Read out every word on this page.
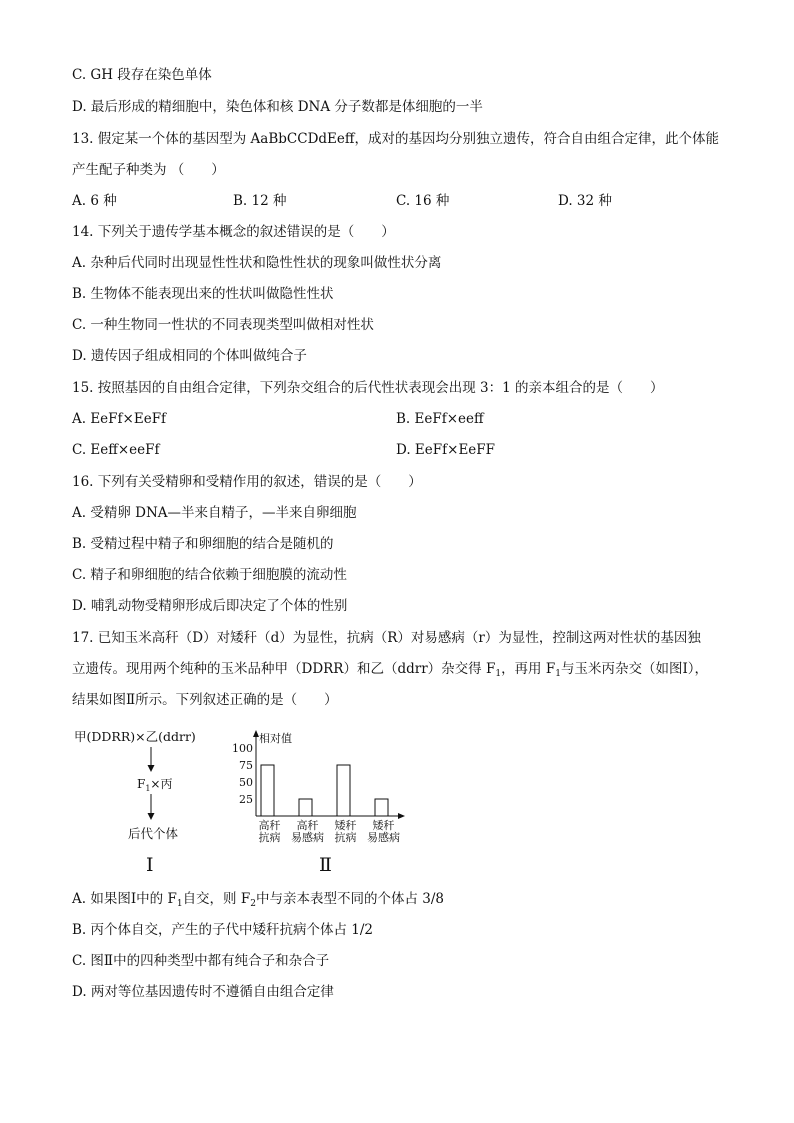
C. GH 段存在染色单体
D. 最后形成的精细胞中，染色体和核 DNA 分子数都是体细胞的一半
13. 假定某一个体的基因型为 AaBbCCDdEeff，成对的基因均分别独立遗传，符合自由组合定律，此个体能
产生配子种类为 （　　）
A. 6 种	B. 12 种	C. 16 种	D. 32 种
14. 下列关于遗传学基本概念的叙述错误的是（　　）
A. 杂种后代同时出现显性性状和隐性性状的现象叫做性状分离
B. 生物体不能表现出来的性状叫做隐性性状
C. 一种生物同一性状的不同表现类型叫做相对性状
D. 遗传因子组成相同的个体叫做纯合子
15. 按照基因的自由组合定律，下列杂交组合的后代性状表现会出现 3：1 的亲本组合的是（　　）
A. EeFf×EeFf	B. EeFf×eeff
C. Eeff×eeFf	D. EeFf×EeFF
16. 下列有关受精卵和受精作用的叙述，错误的是（　　）
A. 受精卵 DNA—半来自精子，—半来自卵细胞
B. 受精过程中精子和卵细胞的结合是随机的
C. 精子和卵细胞的结合依赖于细胞膜的流动性
D. 哺乳动物受精卵形成后即决定了个体的性别
17. 已知玉米高秆（D）对矮秆（d）为显性，抗病（R）对易感病（r）为显性，控制这两对性状的基因独
立遗传。现用两个纯种的玉米品种甲（DDRR）和乙（ddrr）杂交得 $F_1$，再用 $F_1$与玉米丙杂交（如图Ⅰ），
结果如图Ⅱ所示。下列叙述正确的是（　　）
甲(DDRR)×乙(ddrr)
$F_1\times$丙
后代个体
Ⅰ
相对值
25
50
75
100
高秆
抗病
高秆
易感病
矮秆
抗病
矮秆
易感病
Ⅱ
A. 如果图Ⅰ中的 $F_1$自交，则 $F_2$中与亲本表型不同的个体占 3/8
B. 丙个体自交，产生的子代中矮秆抗病个体占 1/2
C. 图Ⅱ中的四种类型中都有纯合子和杂合子
D. 两对等位基因遗传时不遵循自由组合定律
